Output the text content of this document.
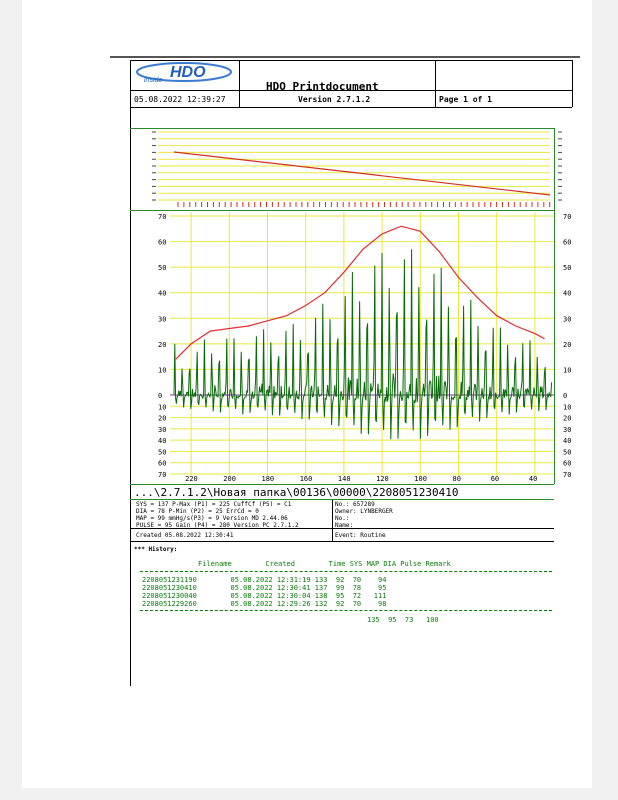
HDO
inside
05.08.2022 12:39:27
HDO Printdocument
Version 2.7.1.2	Page 1 of 1
70	70
60	60
50	50
40	40
30	30
20	20
10	10
0	0
10	10
20	20
30	30
40	40
50	50
60	60
70	70
220	200	180	160	140	120	100	80	60	40
...\2.7.1.2\Новая папка\00136\00000\2208051230410
SYS = 137 P-Max (P1) = 225 CuffCf (P5) = C1
DIA = 78 P-Min (P2) = 25 ErrCd = 0
MAP = 99 mmHg/s(P3) = 9 Version MD 2.44.06
PULSE = 95 Gain (P4) = 280 Version PC 2.7.1.2
No.: 657289
Owner: LYNBERGER
No.:
Name:
Created 05.08.2022 12:30:41	Event: Routine
*** History:
Filename        Created        Time SYS MAP DIA Pulse Remark
2208051231190        05.08.2022 12:31:19 133  92  70    94
2208051230410        05.08.2022 12:30:41 137  99  78    95
2208051230040        05.08.2022 12:30:04 138  95  72   111
2208051229260        05.08.2022 12:29:26 132  92  70    98
135  95  73   100
